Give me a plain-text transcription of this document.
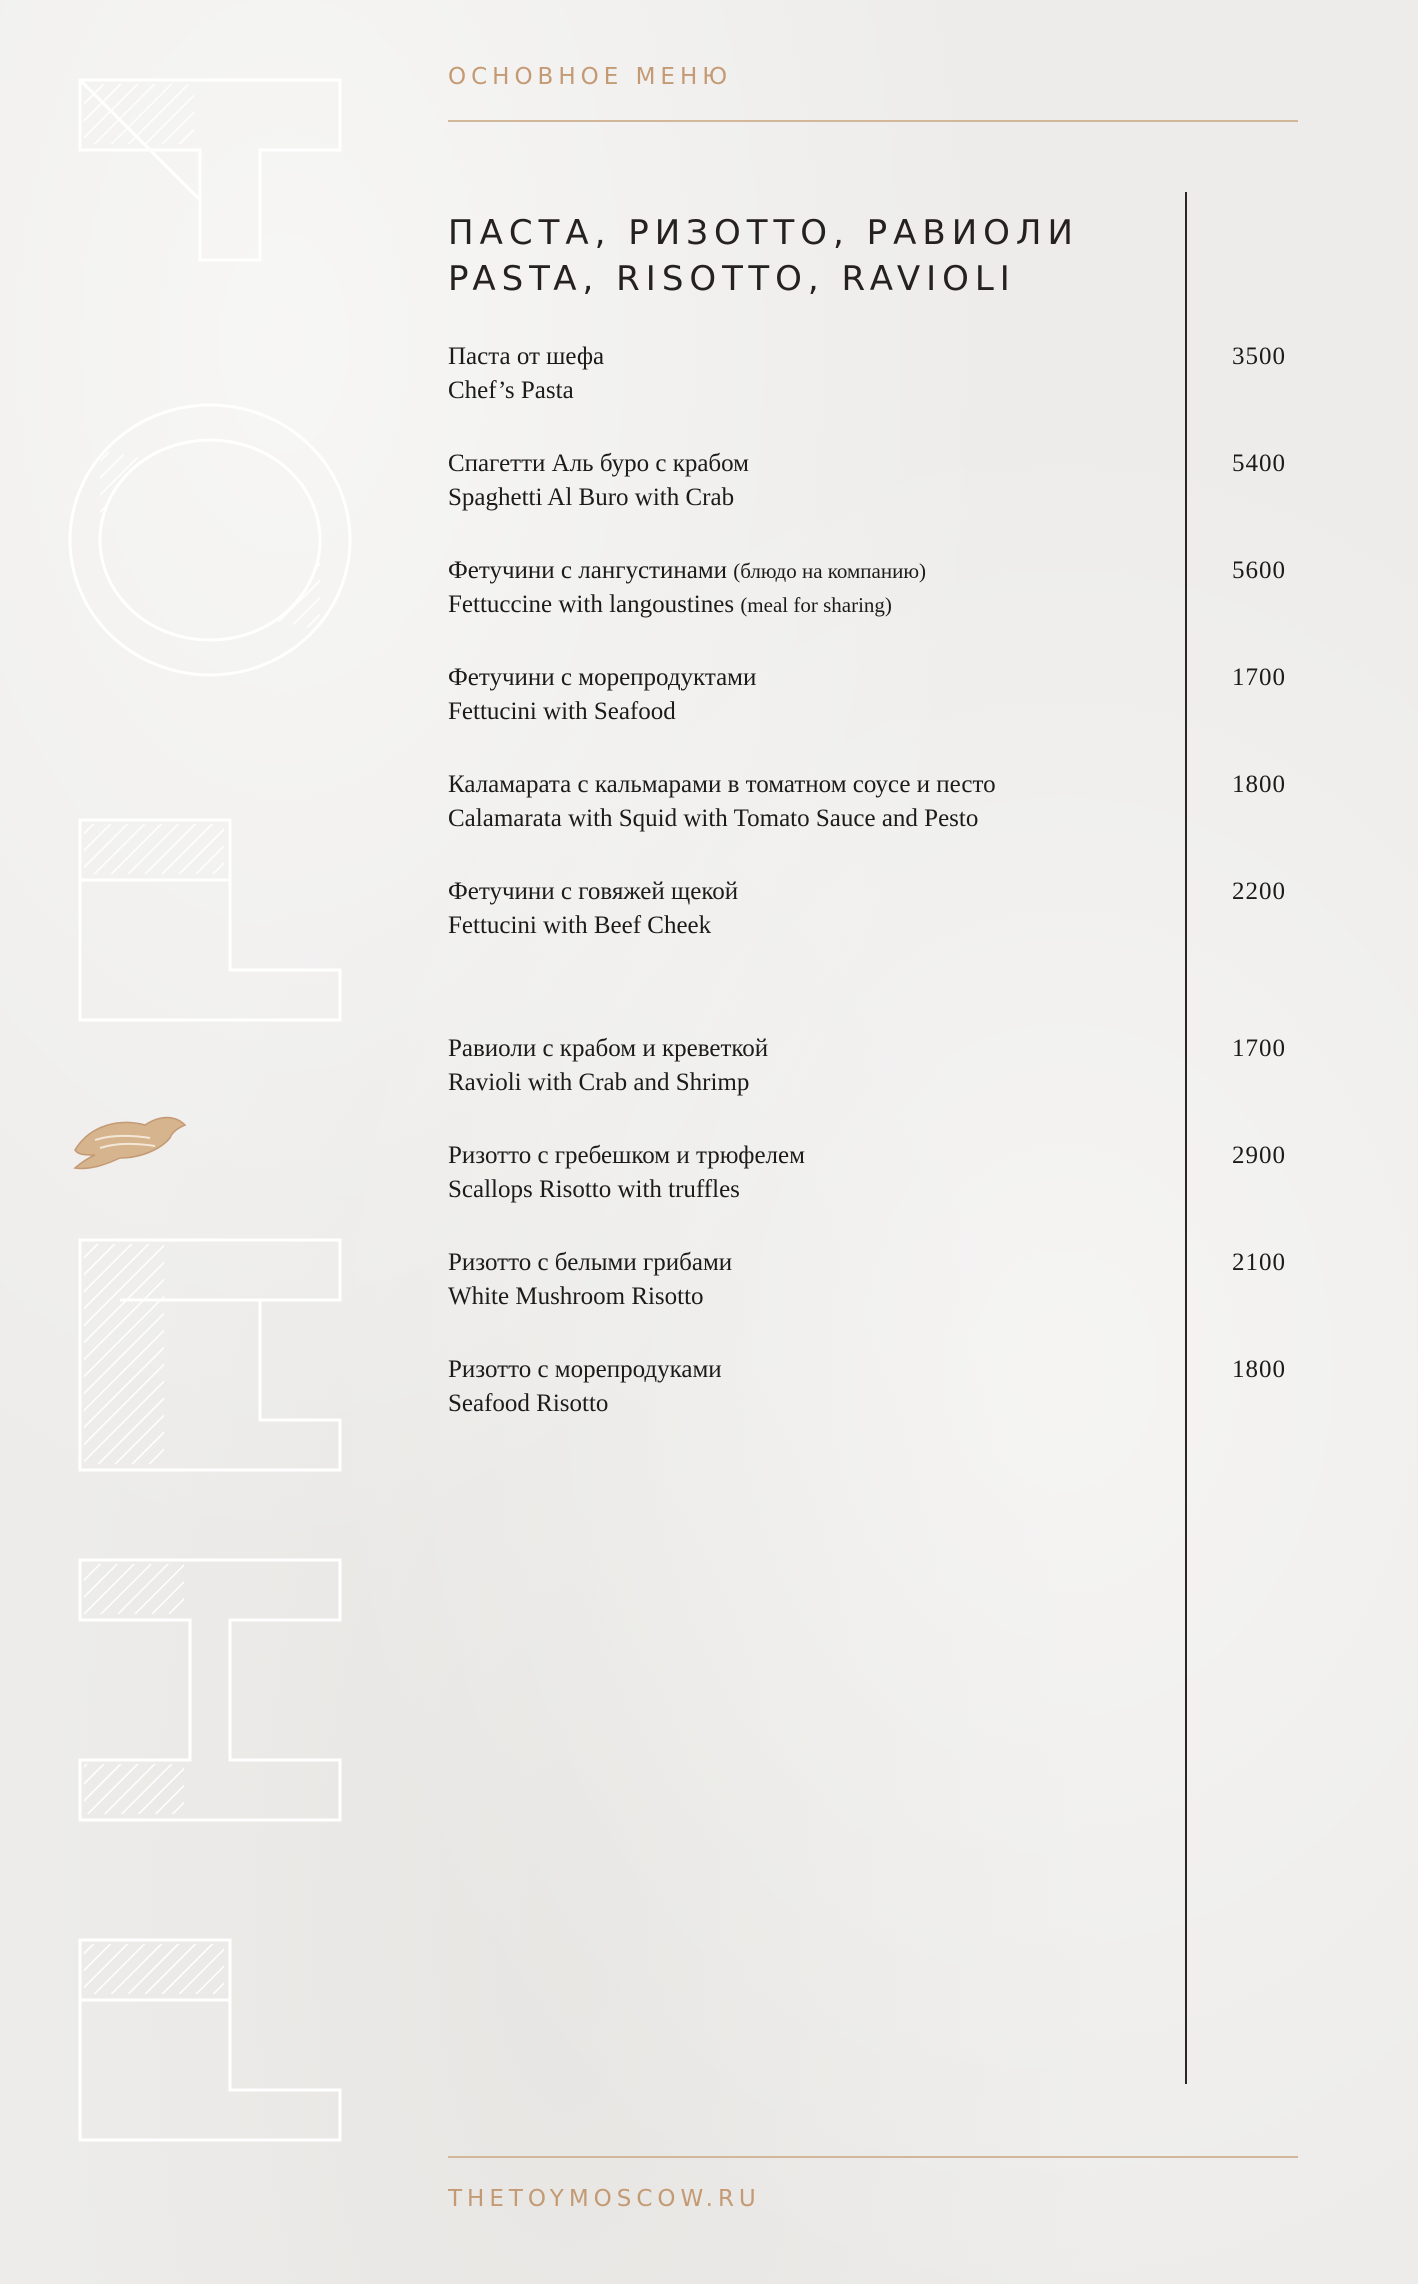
ОСНОВНОЕ МЕНЮ
ПАСТА, РИЗОТТО, РАВИОЛИ
PASTA, RISOTTO, RAVIOLI
Паста от шефа
Chef’s Pasta
3500
Спагетти Аль буро с крабом
Spaghetti Al Buro with Crab
5400
Фетучини с лангустинами (блюдо на компанию)
Fettuccine with langoustines (meal for sharing)
5600
Фетучини с морепродуктами
Fettucini with Seafood
1700
Каламарата с кальмарами в томатном соусе и песто
Calamarata with Squid with Tomato Sauce and Pesto
1800
Фетучини с говяжей щекой
Fettucini with Beef Cheek
2200
Равиоли с крабом и креветкой
Ravioli with Crab and Shrimp
1700
Ризотто с гребешком и трюфелем
Scallops Risotto with truffles
2900
Ризотто с белыми грибами
White Mushroom Risotto
2100
Ризотто с морепродуками
Seafood Risotto
1800
THETOYMOSCOW.RU
